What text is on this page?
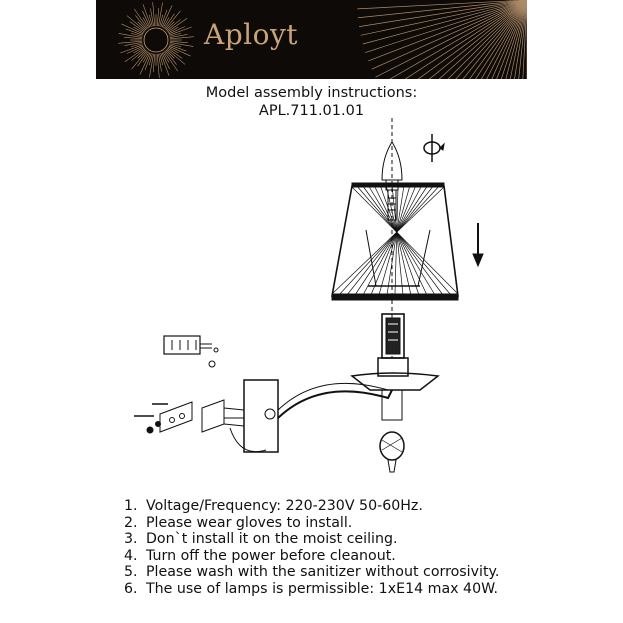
Aployt
Model assembly instructions:
APL.711.01.01
1. Voltage/Frequency: 220-230V 50-60Hz.
2. Please wear gloves to install.
3. Don`t install it on the moist ceiling.
4. Turn off the power before cleanout.
5. Please wash with the sanitizer without corrosivity.
6. The use of lamps is permissible: 1xE14 max 40W.
